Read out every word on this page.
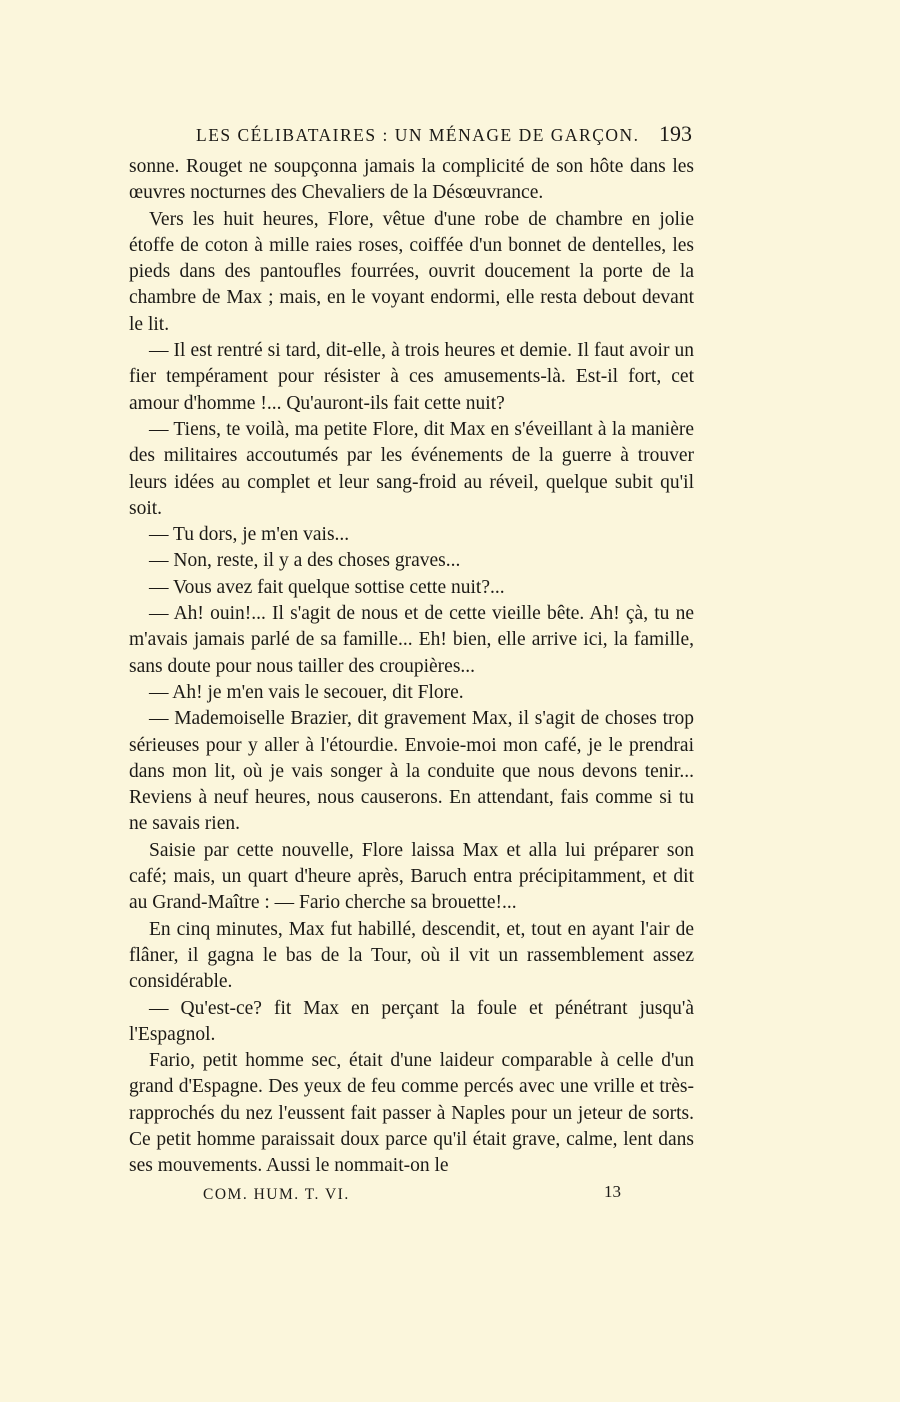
LES CÉLIBATAIRES : UN MÉNAGE DE GARÇON. 193

sonne. Rouget ne soupçonna jamais la complicité de son hôte dans les œuvres nocturnes des Chevaliers de la Désœuvrance.

Vers les huit heures, Flore, vêtue d'une robe de chambre en jolie étoffe de coton à mille raies roses, coiffée d'un bonnet de dentelles, les pieds dans des pantoufles fourrées, ouvrit doucement la porte de la chambre de Max ; mais, en le voyant endormi, elle resta debout devant le lit.

— Il est rentré si tard, dit-elle, à trois heures et demie. Il faut avoir un fier tempérament pour résister à ces amusements-là. Est-il fort, cet amour d'homme !... Qu'auront-ils fait cette nuit?

— Tiens, te voilà, ma petite Flore, dit Max en s'éveillant à la manière des militaires accoutumés par les événements de la guerre à trouver leurs idées au complet et leur sang-froid au réveil, quelque subit qu'il soit.

— Tu dors, je m'en vais...

— Non, reste, il y a des choses graves...

— Vous avez fait quelque sottise cette nuit?...

— Ah! ouin!... Il s'agit de nous et de cette vieille bête. Ah! çà, tu ne m'avais jamais parlé de sa famille... Eh! bien, elle arrive ici, la famille, sans doute pour nous tailler des croupières...

— Ah! je m'en vais le secouer, dit Flore.

— Mademoiselle Brazier, dit gravement Max, il s'agit de choses trop sérieuses pour y aller à l'étourdie. Envoie-moi mon café, je le prendrai dans mon lit, où je vais songer à la conduite que nous devons tenir... Reviens à neuf heures, nous causerons. En attendant, fais comme si tu ne savais rien.

Saisie par cette nouvelle, Flore laissa Max et alla lui préparer son café; mais, un quart d'heure après, Baruch entra précipitamment, et dit au Grand-Maître : — Fario cherche sa brouette!...

En cinq minutes, Max fut habillé, descendit, et, tout en ayant l'air de flâner, il gagna le bas de la Tour, où il vit un rassemblement assez considérable.

— Qu'est-ce? fit Max en perçant la foule et pénétrant jusqu'à l'Espagnol.

Fario, petit homme sec, était d'une laideur comparable à celle d'un grand d'Espagne. Des yeux de feu comme percés avec une vrille et très-rapprochés du nez l'eussent fait passer à Naples pour un jeteur de sorts. Ce petit homme paraissait doux parce qu'il était grave, calme, lent dans ses mouvements. Aussi le nommait-on le

COM. HUM. T. VI.	13
